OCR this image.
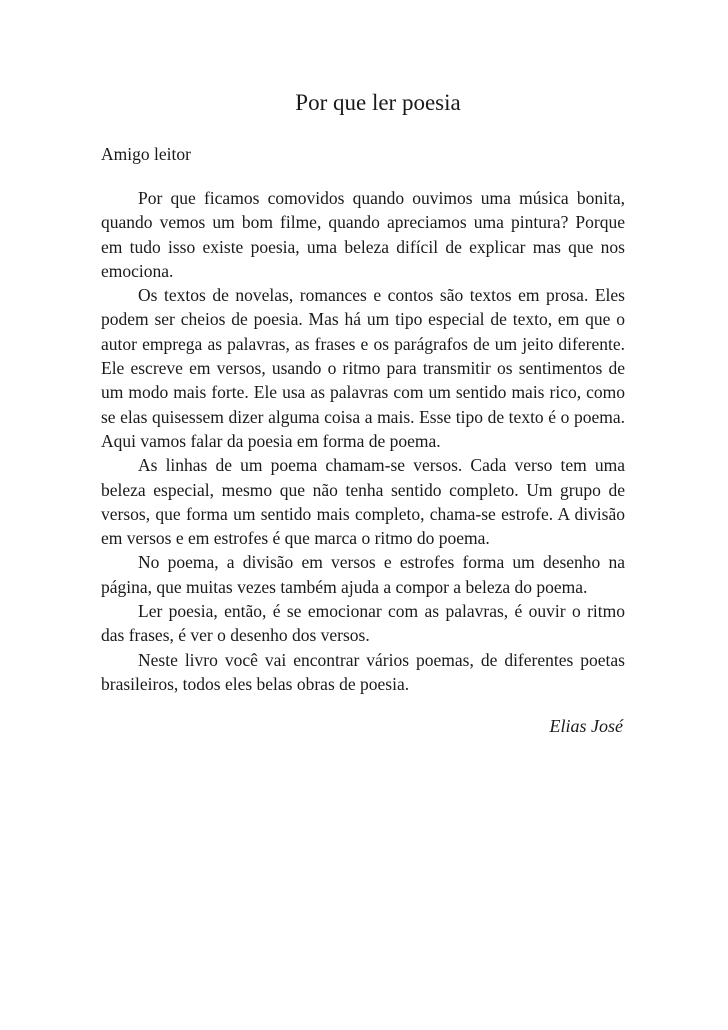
Por que ler poesia
Amigo leitor

Por que ficamos comovidos quando ouvimos uma música bonita, quando vemos um bom filme, quando apreciamos uma pintura? Porque em tudo isso existe poesia, uma beleza difícil de explicar mas que nos emociona.

Os textos de novelas, romances e contos são textos em prosa. Eles podem ser cheios de poesia. Mas há um tipo especial de texto, em que o autor emprega as palavras, as frases e os parágrafos de um jeito diferente. Ele escreve em versos, usando o ritmo para transmitir os sentimentos de um modo mais forte. Ele usa as palavras com um sentido mais rico, como se elas quisessem dizer alguma coisa a mais. Esse tipo de texto é o poema. Aqui vamos falar da poesia em forma de poema.

As linhas de um poema chamam-se versos. Cada verso tem uma beleza especial, mesmo que não tenha sentido completo. Um grupo de versos, que forma um sentido mais completo, chama-se estrofe. A divisão em versos e em estrofes é que marca o ritmo do poema.

No poema, a divisão em versos e estrofes forma um desenho na página, que muitas vezes também ajuda a compor a beleza do poema.

Ler poesia, então, é se emocionar com as palavras, é ouvir o ritmo das frases, é ver o desenho dos versos.

Neste livro você vai encontrar vários poemas, de diferentes poetas brasileiros, todos eles belas obras de poesia.

Elias José
